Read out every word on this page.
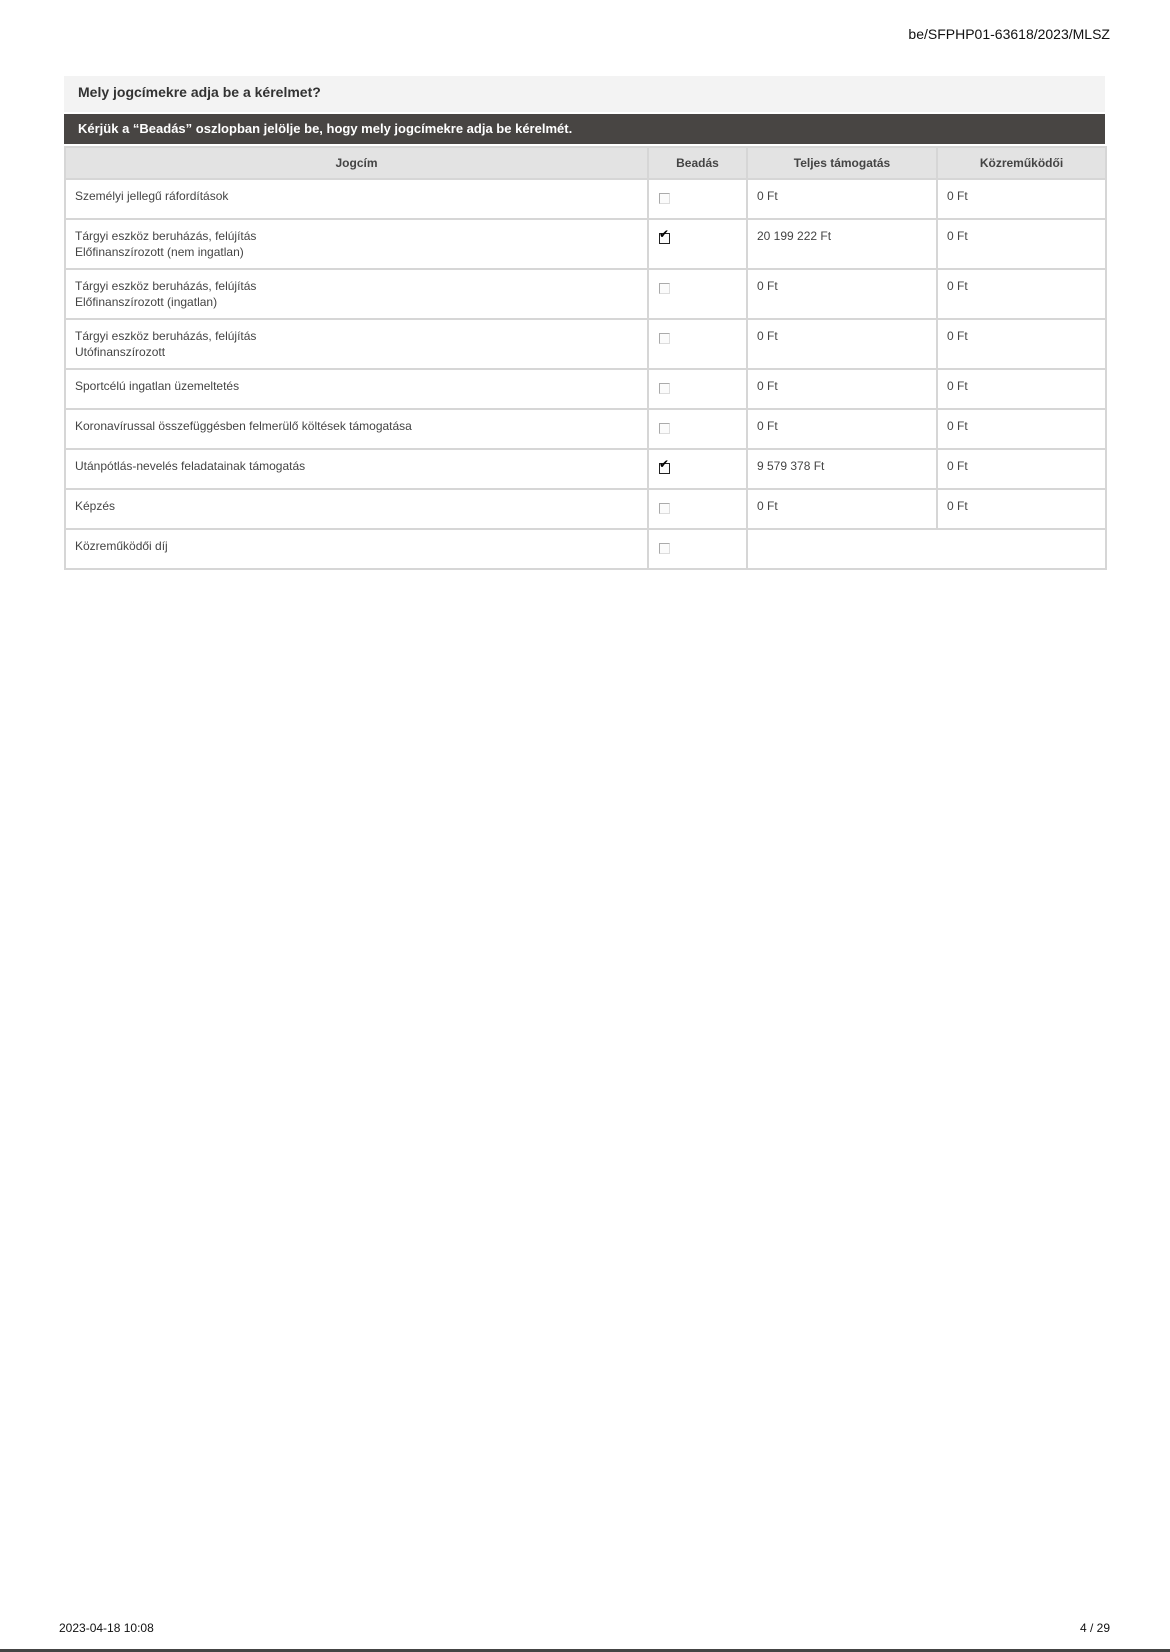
be/SFPHP01-63618/2023/MLSZ
Mely jogcímekre adja be a kérelmet?
Kérjük a “Beadás” oszlopban jelölje be, hogy mely jogcímekre adja be kérelmét.
Jogcím	Beadás	Teljes támogatás	Közreműködői

Személyi jellegű ráfordítások		0 Ft	0 Ft

Tárgyi eszköz beruházás, felújítás
Előfinanszírozott (nem ingatlan)	✔	20 199 222 Ft	0 Ft

Tárgyi eszköz beruházás, felújítás
Előfinanszírozott (ingatlan)		0 Ft	0 Ft

Tárgyi eszköz beruházás, felújítás
Utófinanszírozott		0 Ft	0 Ft

Sportcélú ingatlan üzemeltetés		0 Ft	0 Ft

Koronavírussal összefüggésben felmerülő költések támogatása		0 Ft	0 Ft

Utánpótlás-nevelés feladatainak támogatás	✔	9 579 378 Ft	0 Ft

Képzés		0 Ft	0 Ft

Közreműködői díj			

2023-04-18 10:08	4 / 29
